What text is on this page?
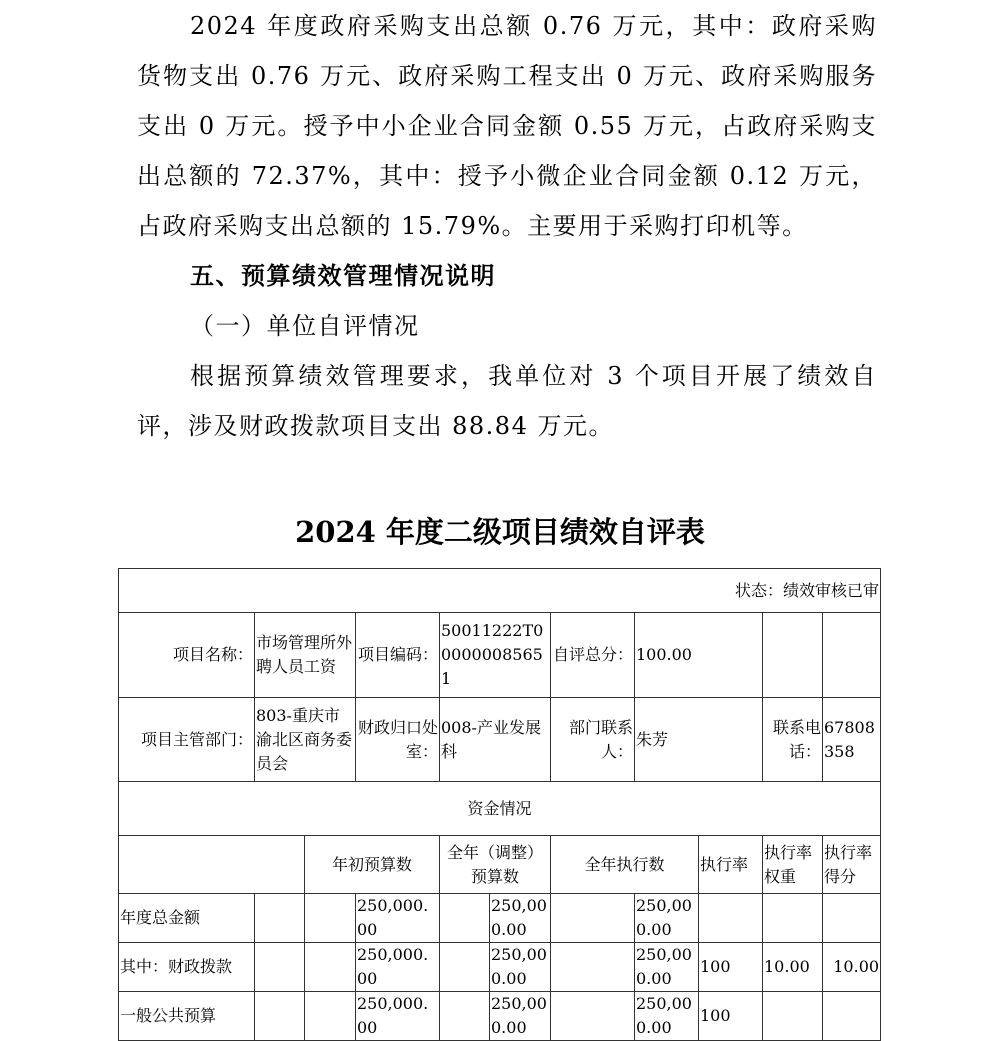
2024 年度政府采购支出总额 0.76 万元，其中：政府采购货物支出 0.76 万元、政府采购工程支出 0 万元、政府采购服务支出 0 万元。授予中小企业合同金额 0.55 万元，占政府采购支出总额的 72.37%，其中：授予小微企业合同金额 0.12 万元，占政府采购支出总额的 15.79%。主要用于采购打印机等。

五、预算绩效管理情况说明

（一）单位自评情况

根据预算绩效管理要求，我单位对 3 个项目开展了绩效自评，涉及财政拨款项目支出 88.84 万元。

2024 年度二级项目绩效自评表
状态：绩效审核已审										
项目名称：	市场管理所外聘人员工资		项目编码：	50011222T000000085651		自评总分：	100.00			
项目主管部门：	803-重庆市渝北区商务委员会		财政归口处室：	008-产业发展科		部门联系人：	朱芳		联系电话：	67808358
资金情况										
		年初预算数		全年（调整）预算数		全年执行数		执行率	执行率权重	执行率得分
年度总金额			250,000.00		250,000.00		250,000.00			
其中：财政拨款			250,000.00		250,000.00		250,000.00	100	10.00	10.00
一般公共预算			250,000.00		250,000.00		250,000.00	100		
